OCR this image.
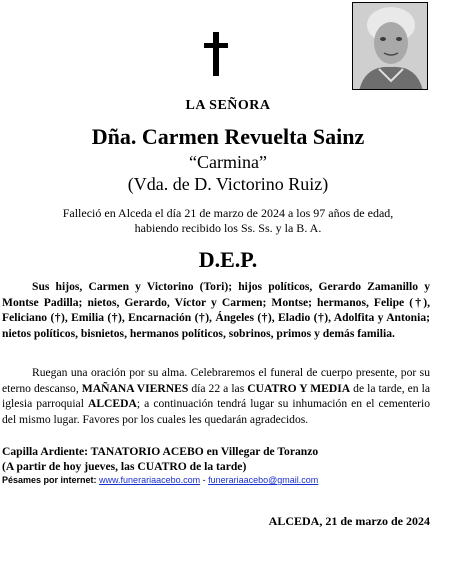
LA SEÑORA
Dña. Carmen Revuelta Sainz
“Carmina”
(Vda. de D. Victorino Ruiz)
Falleció en Alceda el día 21 de marzo de 2024 a los 97 años de edad,
habiendo recibido los Ss. Ss. y la B. A.
D.E.P.
Sus hijos, Carmen y Victorino (Tori); hijos políticos, Gerardo Zamanillo y Montse Padilla; nietos, Gerardo, Víctor y Carmen; Montse; hermanos, Felipe (†), Feliciano (†), Emilia (†), Encarnación (†), Ángeles (†), Eladio (†), Adolfita y Antonia; nietos políticos, bisnietos, hermanos políticos, sobrinos, primos y demás familia.
Ruegan una oración por su alma. Celebraremos el funeral de cuerpo presente, por su eterno descanso, MAÑANA VIERNES día 22 a las CUATRO Y MEDIA de la tarde, en la iglesia parroquial ALCEDA; a continuación tendrá lugar su inhumación en el cementerio del mismo lugar. Favores por los cuales les quedarán agradecidos.
Capilla Ardiente: TANATORIO ACEBO en Villegar de Toranzo
(A partir de hoy jueves, las CUATRO de la tarde)
Pésames por internet: www.funerariaacebo.com - funerariaacebo@gmail.com
ALCEDA, 21 de marzo de 2024
